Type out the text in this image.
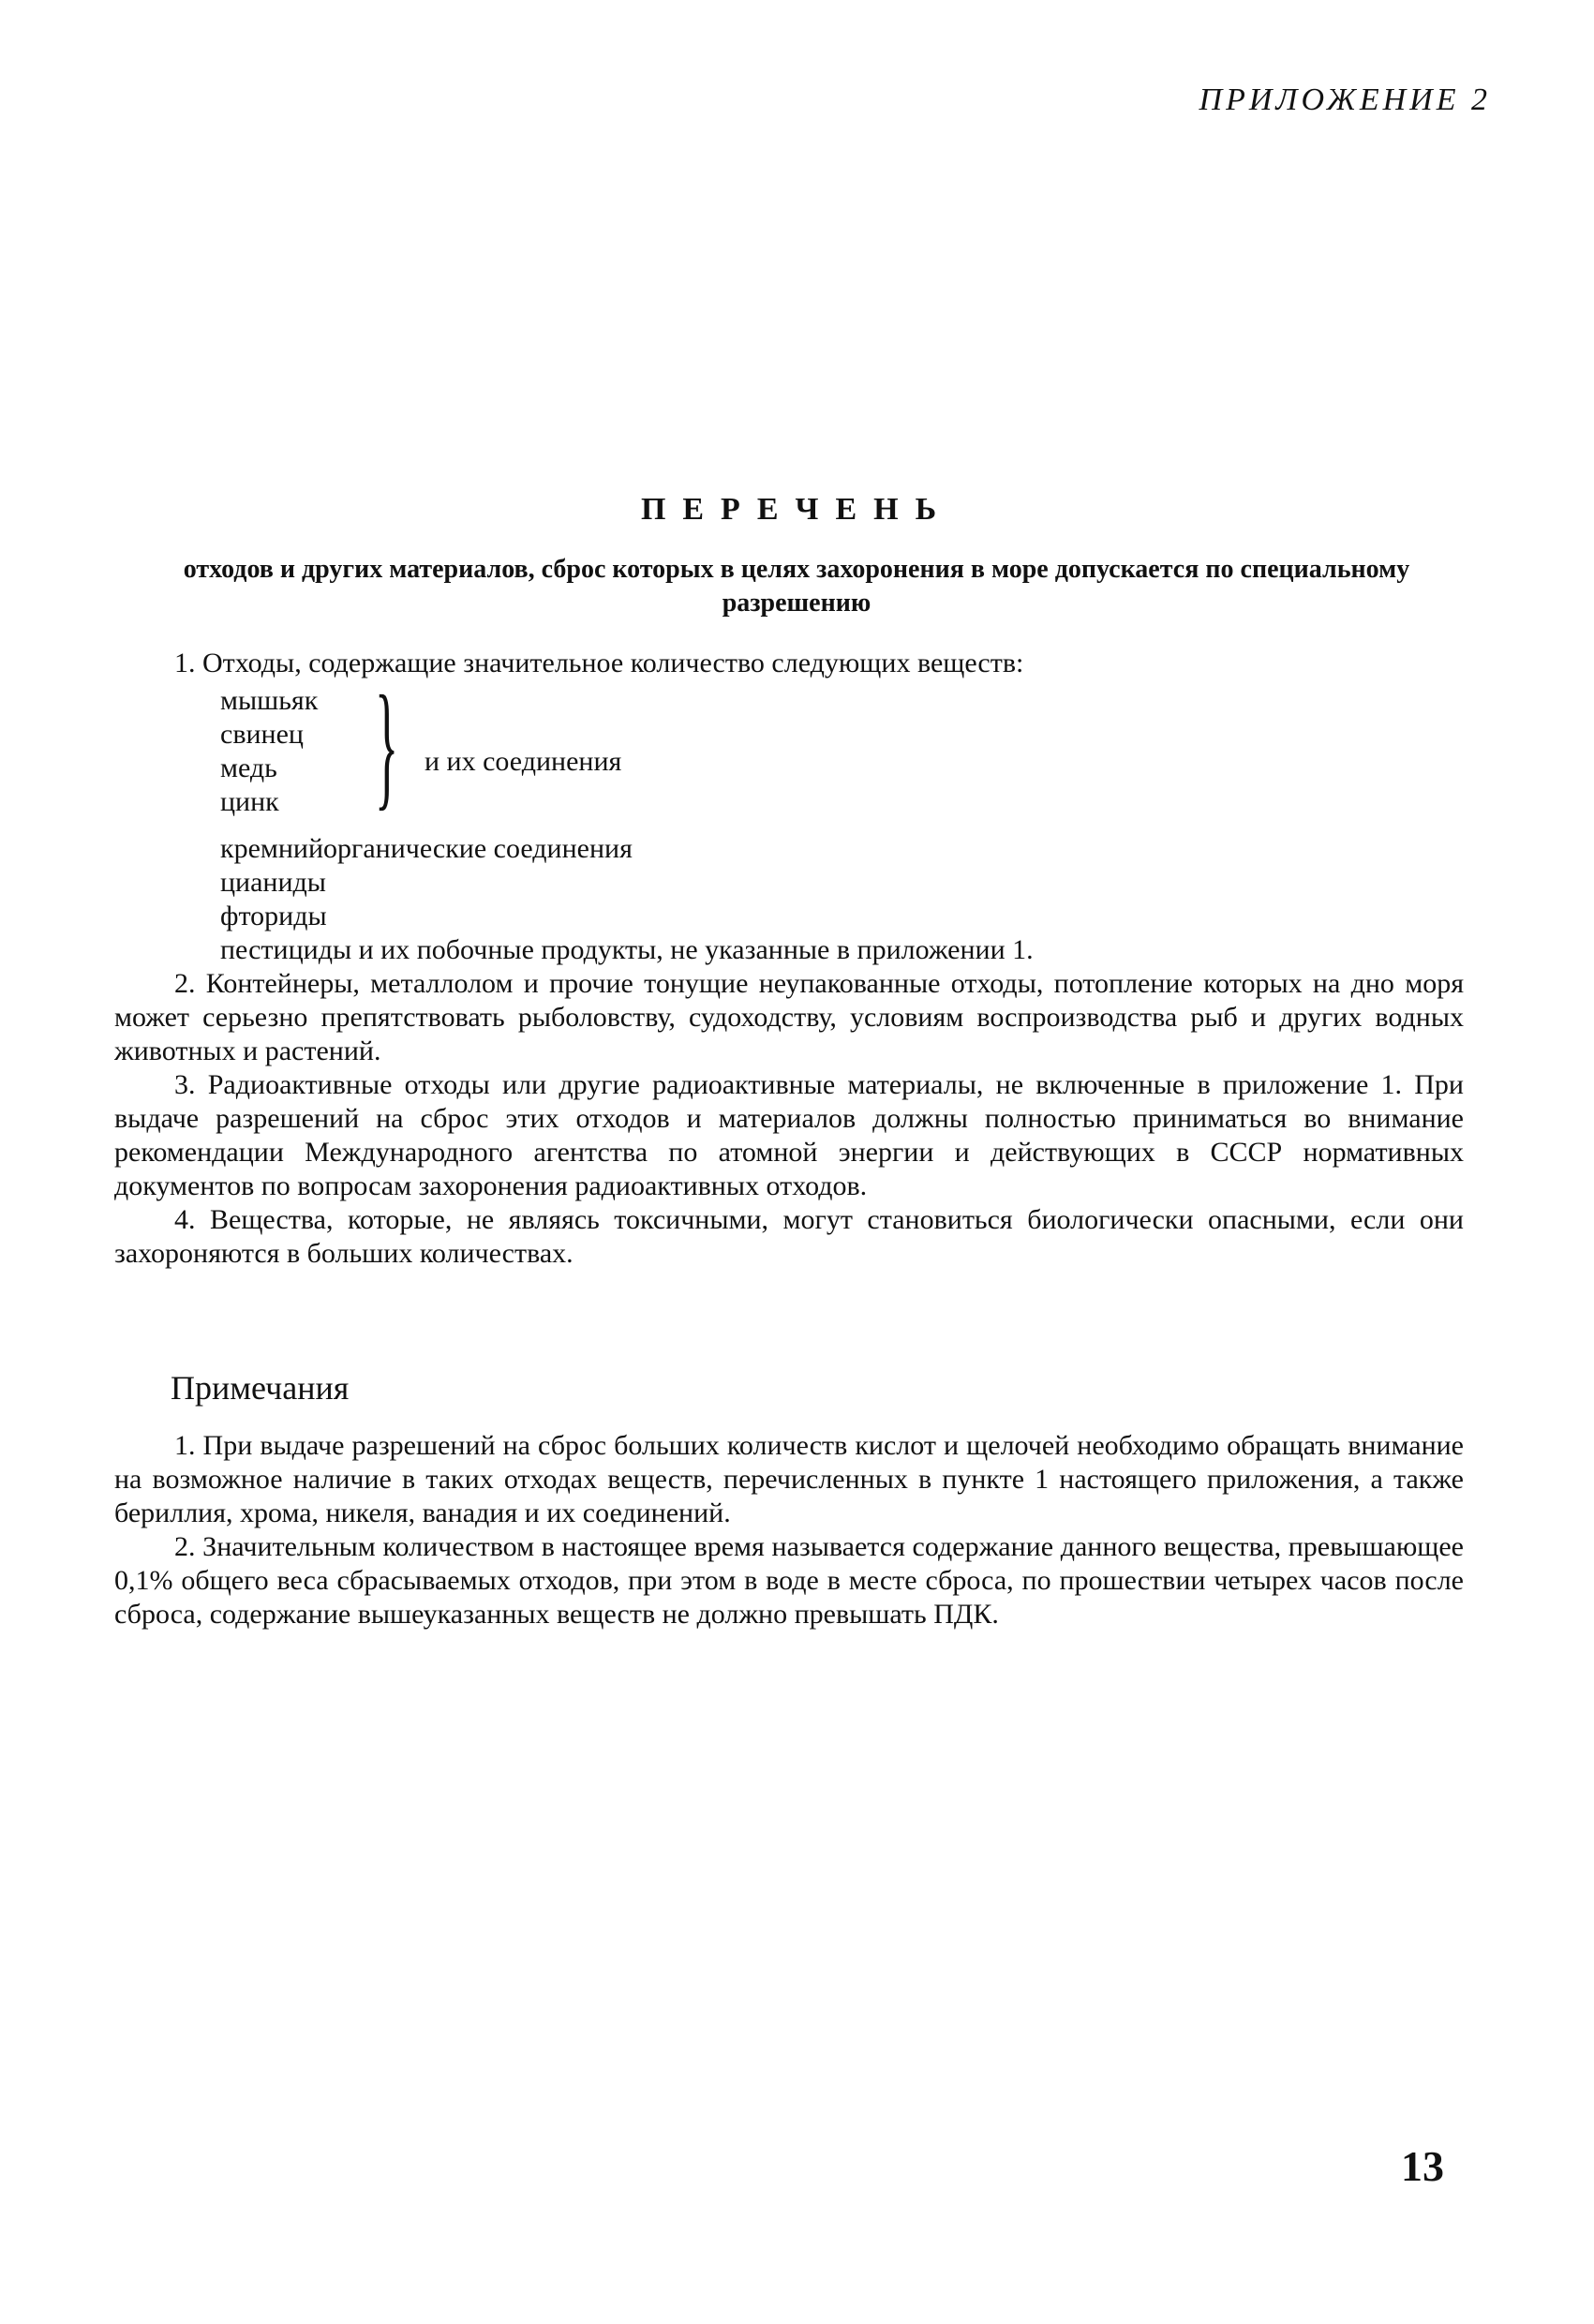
ПРИЛОЖЕНИЕ 2
ПЕРЕЧЕНЬ
отходов и других материалов, сброс которых в целях захоронения в море допускается по специальному разрешению
1. Отходы, содержащие значительное количество следующих веществ:
мышьяк
свинец
медь
цинк } и их соединения
кремнийорганические соединения
цианиды
фториды

пестициды и их побочные продукты, не указанные в приложении 1.

2. Контейнеры, металлолом и прочие тонущие неупакованные отходы, потопление которых на дно моря может серьезно препятствовать рыболовству, судоходству, условиям воспроизводства рыб и других водных животных и растений.

3. Радиоактивные отходы или другие радиоактивные материалы, не включенные в приложение 1. При выдаче разрешений на сброс этих отходов и материалов должны полностью приниматься во внимание рекомендации Международного агентства по атомной энергии и действующих в СССР нормативных документов по вопросам захоронения радиоактивных отходов.

4. Вещества, которые, не являясь токсичными, могут становиться биологически опасными, если они захороняются в больших количествах.

Примечания

1. При выдаче разрешений на сброс больших количеств кислот и щелочей необходимо обращать внимание на возможное наличие в таких отходах веществ, перечисленных в пункте 1 настоящего приложения, а также бериллия, хрома, никеля, ванадия и их соединений.

2. Значительным количеством в настоящее время называется содержание данного вещества, превышающее 0,1% общего веса сбрасываемых отходов, при этом в воде в месте сброса, по прошествии четырех часов после сброса, содержание вышеуказанных веществ не должно превышать ПДК.

13
